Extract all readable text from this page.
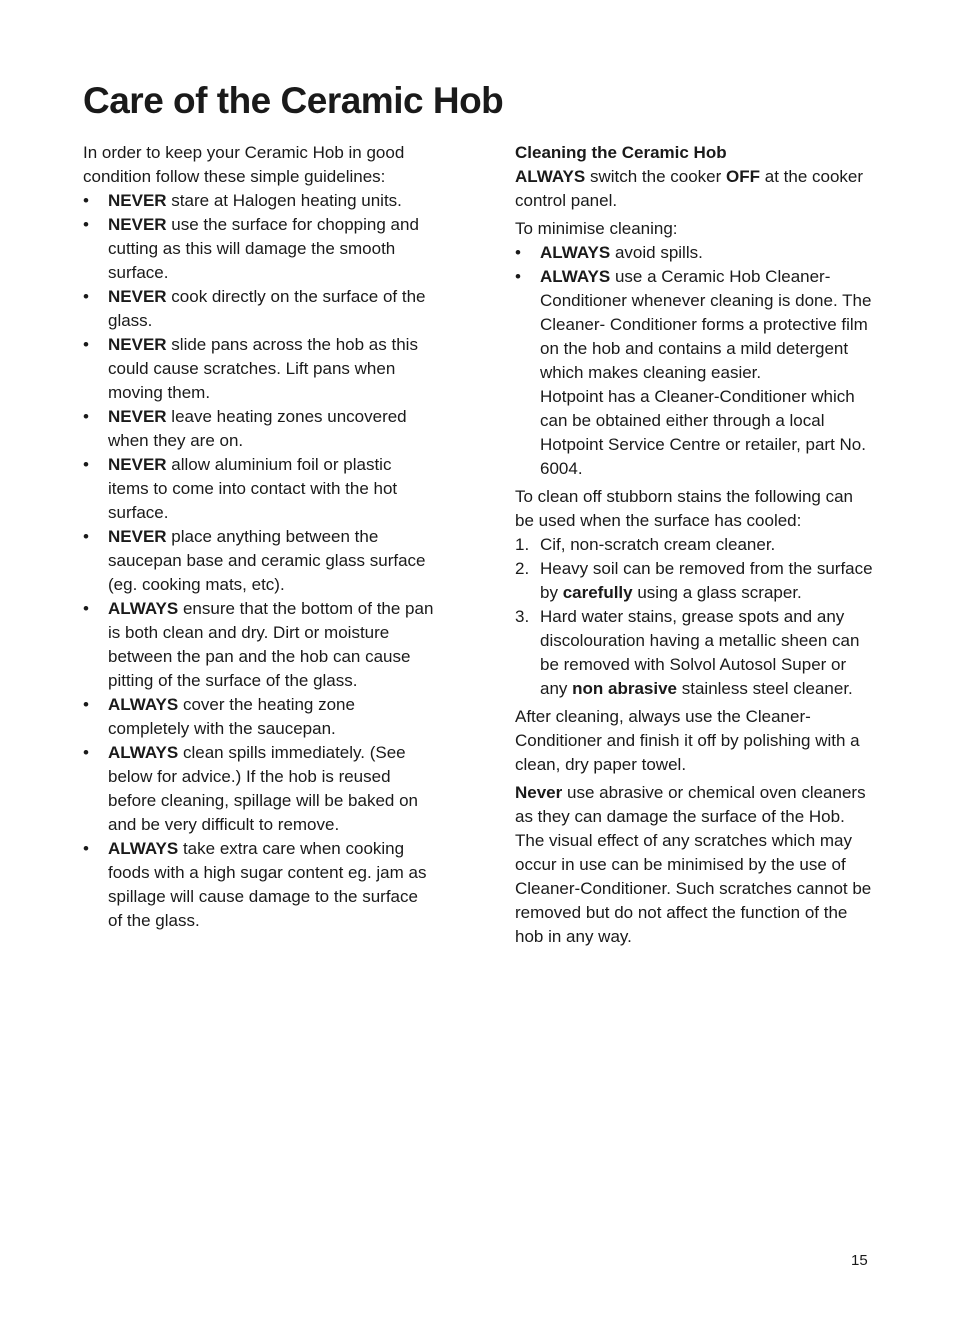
Care of the Ceramic Hob

In order to keep your Ceramic Hob in good condition follow these simple guidelines:

• NEVER stare at Halogen heating units.
• NEVER use the surface for chopping and cutting as this will damage the smooth surface.
• NEVER cook directly on the surface of the glass.
• NEVER slide pans across the hob as this could cause scratches. Lift pans when moving them.
• NEVER leave heating zones uncovered when they are on.
• NEVER allow aluminium foil or plastic items to come into contact with the hot surface.
• NEVER place anything between the saucepan base and ceramic glass surface (eg. cooking mats, etc).
• ALWAYS ensure that the bottom of the pan is both clean and dry. Dirt or moisture between the pan and the hob can cause pitting of the surface of the glass.
• ALWAYS cover the heating zone completely with the saucepan.
• ALWAYS clean spills immediately. (See below for advice.) If the hob is reused before cleaning, spillage will be baked on and be very difficult to remove.
• ALWAYS take extra care when cooking foods with a high sugar content eg. jam as spillage will cause damage to the surface of the glass.

Cleaning the Ceramic Hob

ALWAYS switch the cooker OFF at the cooker control panel.

To minimise cleaning:

• ALWAYS avoid spills.
• ALWAYS use a Ceramic Hob Cleaner-Conditioner whenever cleaning is done. The Cleaner- Conditioner forms a protective film on the hob and contains a mild detergent which makes cleaning easier.
Hotpoint has a Cleaner-Conditioner which can be obtained either through a local Hotpoint Service Centre or retailer, part No. 6004.

To clean off stubborn stains the following can be used when the surface has cooled:

1. Cif, non-scratch cream cleaner.
2. Heavy soil can be removed from the surface by carefully using a glass scraper.
3. Hard water stains, grease spots and any discolouration having a metallic sheen can be removed with Solvol Autosol Super or any non abrasive stainless steel cleaner.

After cleaning, always use the Cleaner-Conditioner and finish it off by polishing with a clean, dry paper towel.

Never use abrasive or chemical oven cleaners as they can damage the surface of the Hob.

The visual effect of any scratches which may occur in use can be minimised by the use of Cleaner-Conditioner. Such scratches cannot be removed but do not affect the function of the hob in any way.

15
